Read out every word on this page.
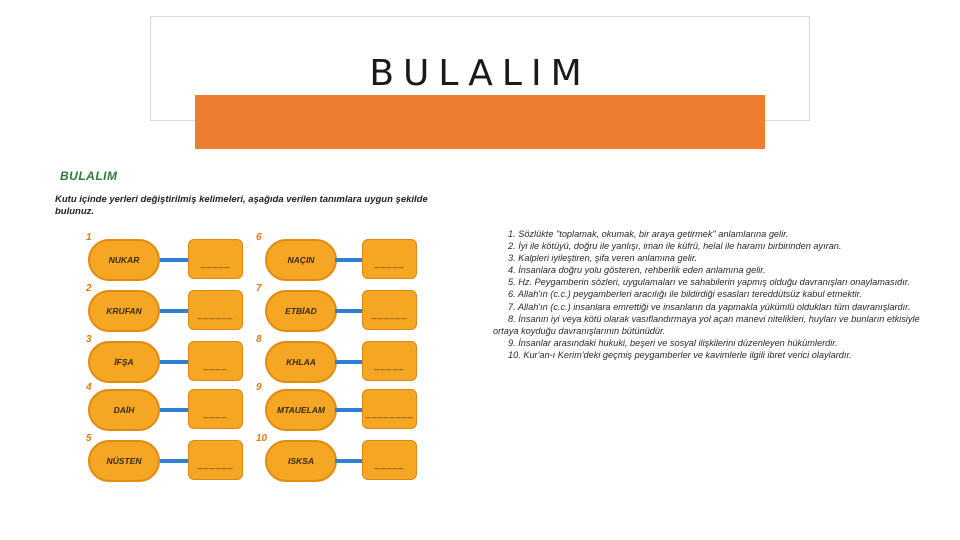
BULALIM
BULALIM
Kutu içinde yerleri değiştirilmiş kelimeleri, aşağıda verilen tanımlara uygun şekilde bulunuz.
1
NUKAR	_____
2
KRUFAN	______
3
İFŞA	____
4
DAİH	____
5
NÜSTEN	______
6
NAÇIN	_____
7
ETBİAD	______
8
KHLAA	_____
9
MTAUELAM	________
10
ISKSA	_____

1. Sözlükte "toplamak, okumak, bir araya getirmek" anlamlarına gelir.

2. İyi ile kötüyü, doğru ile yanlışı, iman ile küfrü, helal ile haramı birbirinden ayıran.

3. Kalpleri iyileştiren, şifa veren anlamına gelir.

4. İnsanlara doğru yolu gösteren, rehberlik eden anlamına gelir.

5. Hz. Peygamberin sözleri, uygulamaları ve sahabilerin yapmış olduğu davranışları onaylamasıdır.

6. Allah'ın (c.c.) peygamberleri aracılığı ile bildirdiği esasları tereddütsüz kabul etmektir.

7. Allah'ın (c.c.) insanlara emrettiği ve insanların da yapmakla yükümlü oldukları tüm davranışlardır.

8. İnsanın iyi veya kötü olarak vasıflandırmaya yol açan manevi nitelikleri, huyları ve bunların etkisiyle ortaya koyduğu davranışlarının bütünüdür.

9. İnsanlar arasındaki hukuki, beşeri ve sosyal ilişkilerini düzenleyen hükümlerdir.

10. Kur'an-ı Kerim'deki geçmiş peygamberler ve kavimlerle ilgili ibret verici olaylardır.
